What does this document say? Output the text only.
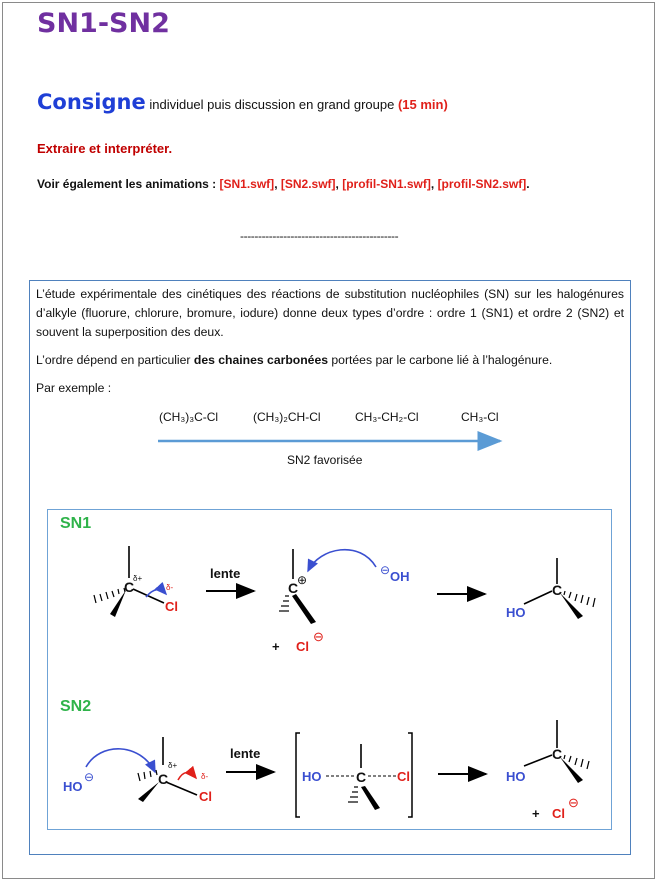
SN1-SN2
Consigne individuel puis discussion en grand groupe (15 min)
Extraire et interpréter.
Voir également les animations : [SN1.swf], [SN2.swf], [profil-SN1.swf], [profil-SN2.swf].
--------------------------------------------
L’étude expérimentale des cinétiques des réactions de substitution nucléophiles (SN) sur les halogénures d’alkyle (fluorure, chlorure, bromure, iodure) donne deux types d’ordre : ordre 1 (SN1) et ordre 2 (SN2) et souvent la superposition des deux.
L’ordre dépend en particulier des chaines carbonées portées par le carbone lié à l’halogénure.
Par exemple :
(CH₃)₃C-Cl	(CH₃)₂CH-Cl	CH₃-CH₂-Cl	CH₃-Cl
SN2 favorisée
SN1
C
δ+
δ-
Cl
lente
C
⊕
⊖ OH
+ Cl
⊖
C
HO
SN2
HO
⊖	C
δ+
δ-
Cl
lente
HO C Cl
C
HO
+ Cl
⊖
